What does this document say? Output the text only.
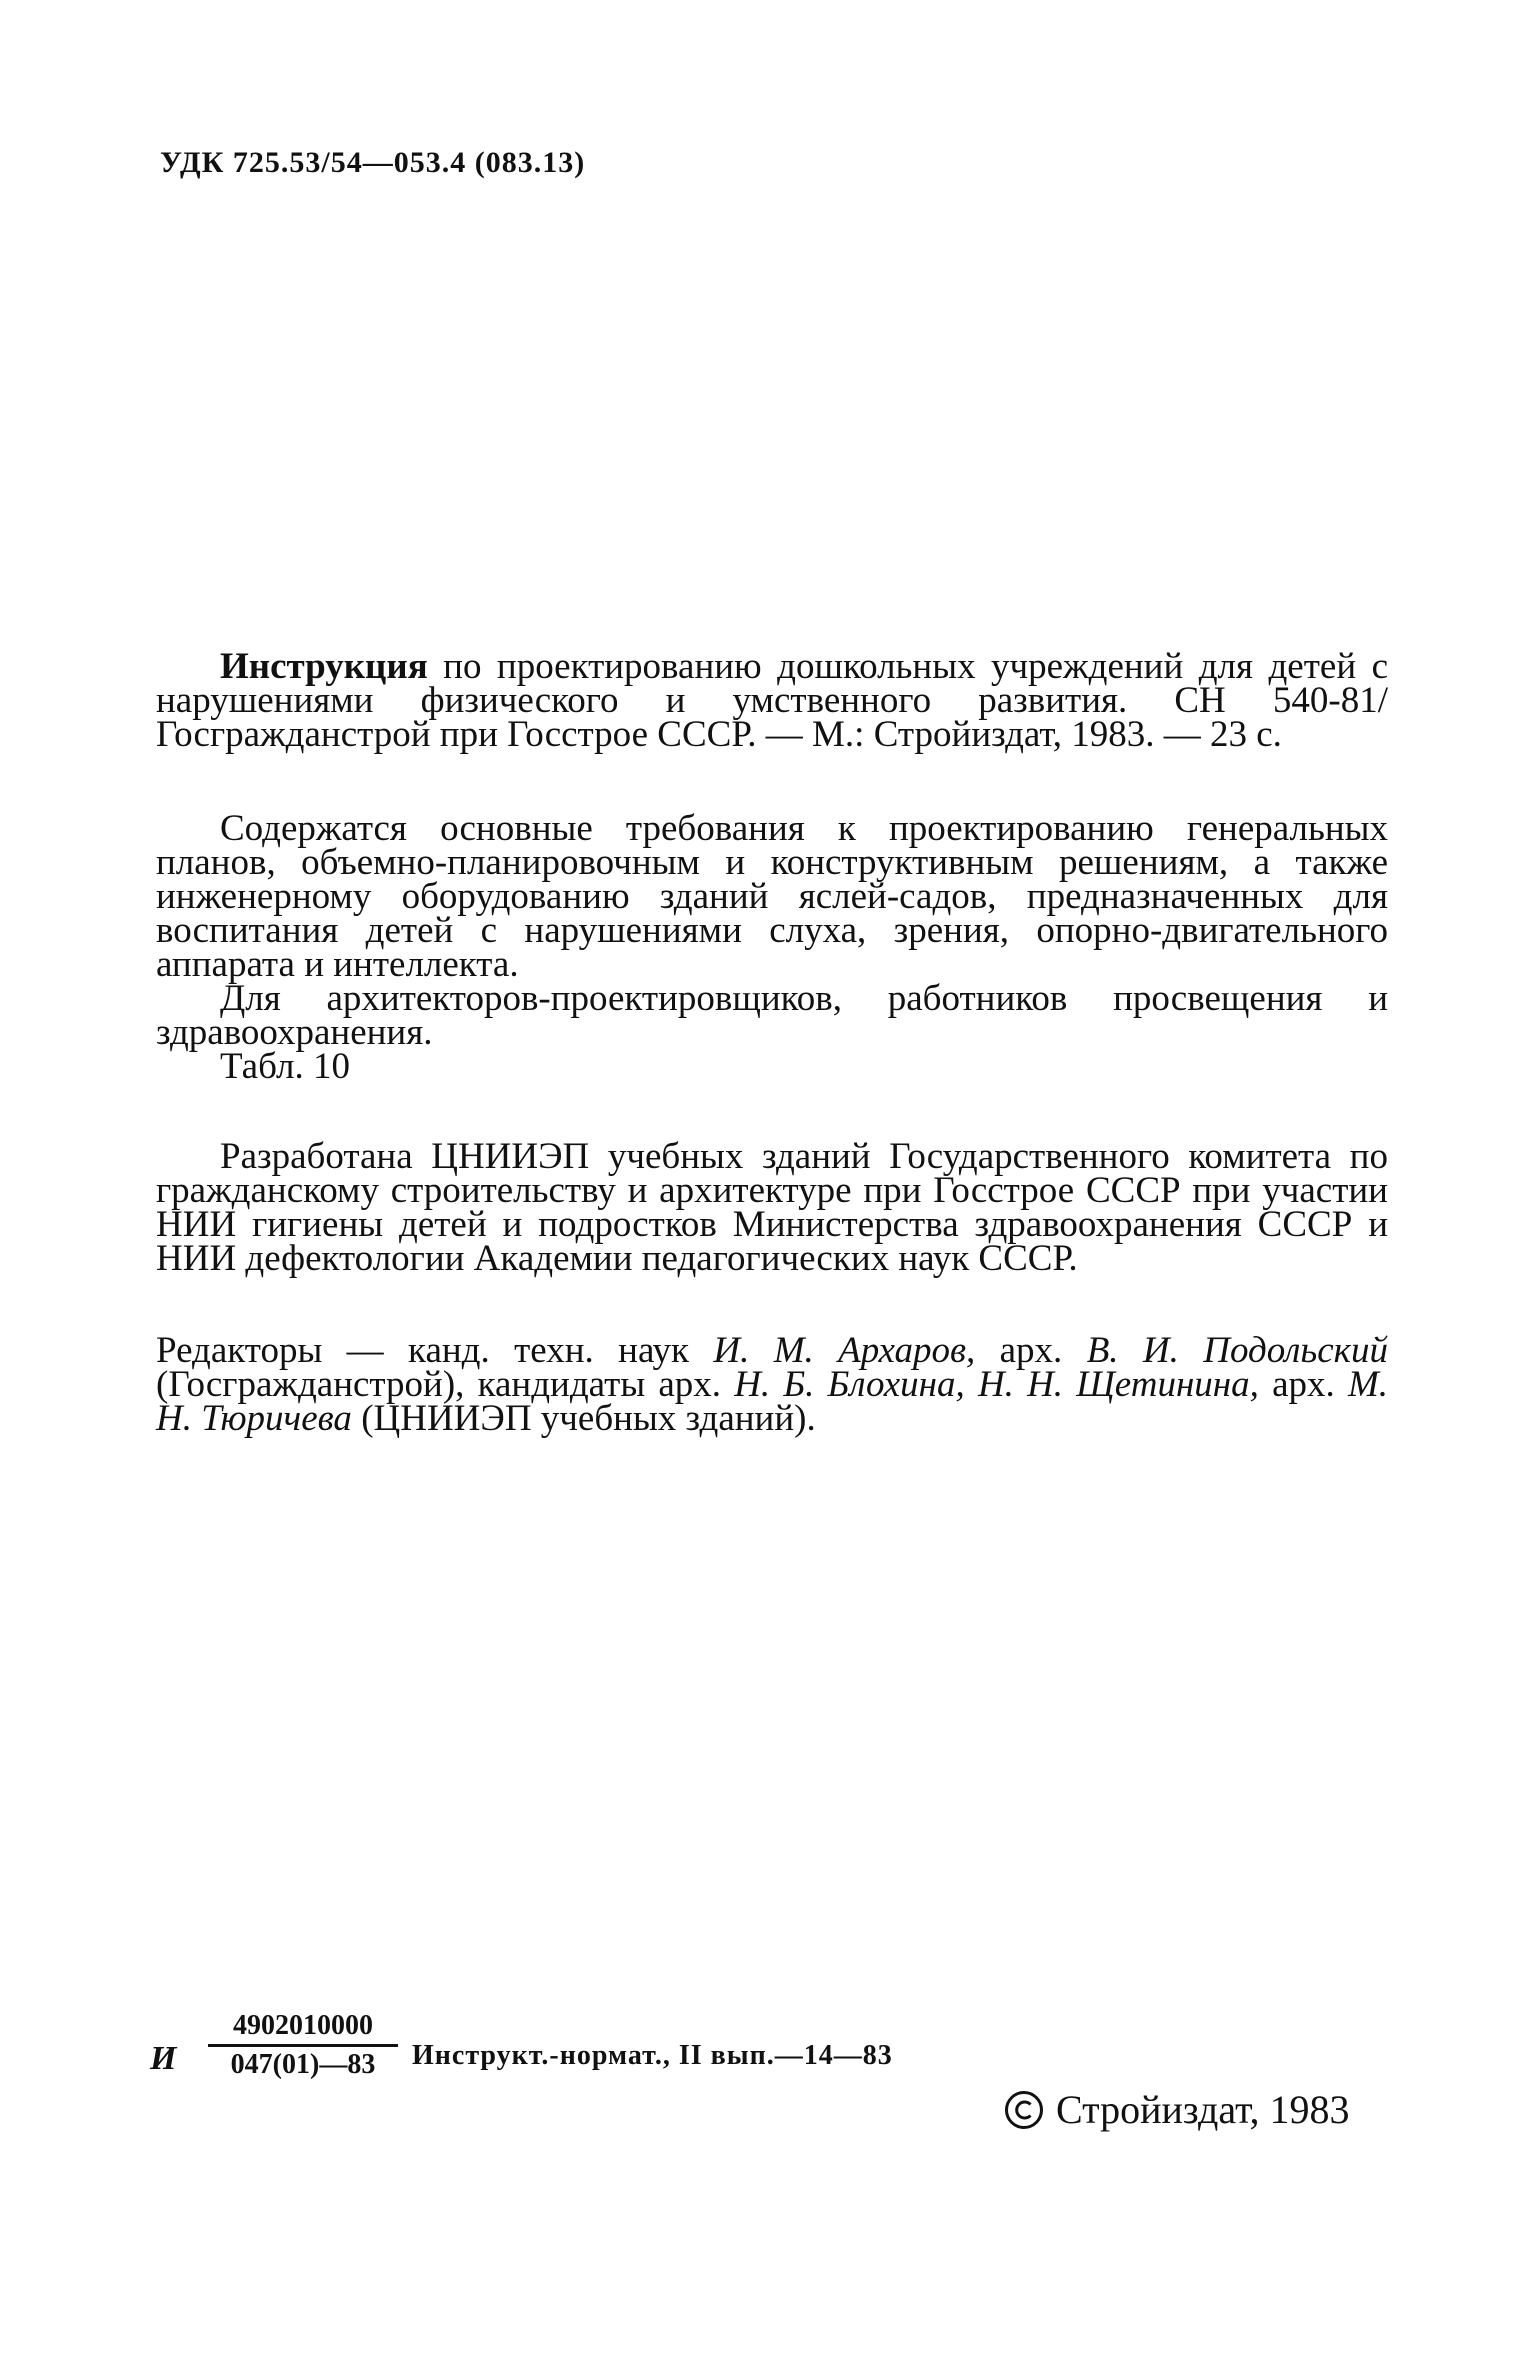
УДК 725.53/54—053.4 (083.13)

Инструкция по проектированию дошкольных учреждений для детей с нарушениями физического и умственного развития. СН 540-81/Госгражданстрой при Госстрое СССР. — М.: Стройиздат, 1983. — 23 с.

Содержатся основные требования к проектированию генеральных планов, объемно-планировочным и конструктивным решениям, а также инженерному оборудованию зданий яслей-садов, предназначенных для воспитания детей с нарушениями слуха, зрения, опорно-двигательного аппарата и интеллекта.

Для архитекторов-проектировщиков, работников просвещения и здравоохранения.

Табл. 10

Разработана ЦНИИЭП учебных зданий Государственного комитета по гражданскому строительству и архитектуре при Госстрое СССР при участии НИИ гигиены детей и подростков Министерства здравоохранения СССР и НИИ дефектологии Академии педагогических наук СССР.

Редакторы — канд. техн. наук И. М. Архаров, арх. В. И. Подольский (Госгражданстрой), кандидаты арх. Н. Б. Блохина, Н. Н. Щетинина, арх. М. Н. Тюричева (ЦНИИЭП учебных зданий).

И $\frac{4902010000}{047(01)—83}$ Инструкт.-нормат., II вып.—14—83
Стройиздат, 1983
